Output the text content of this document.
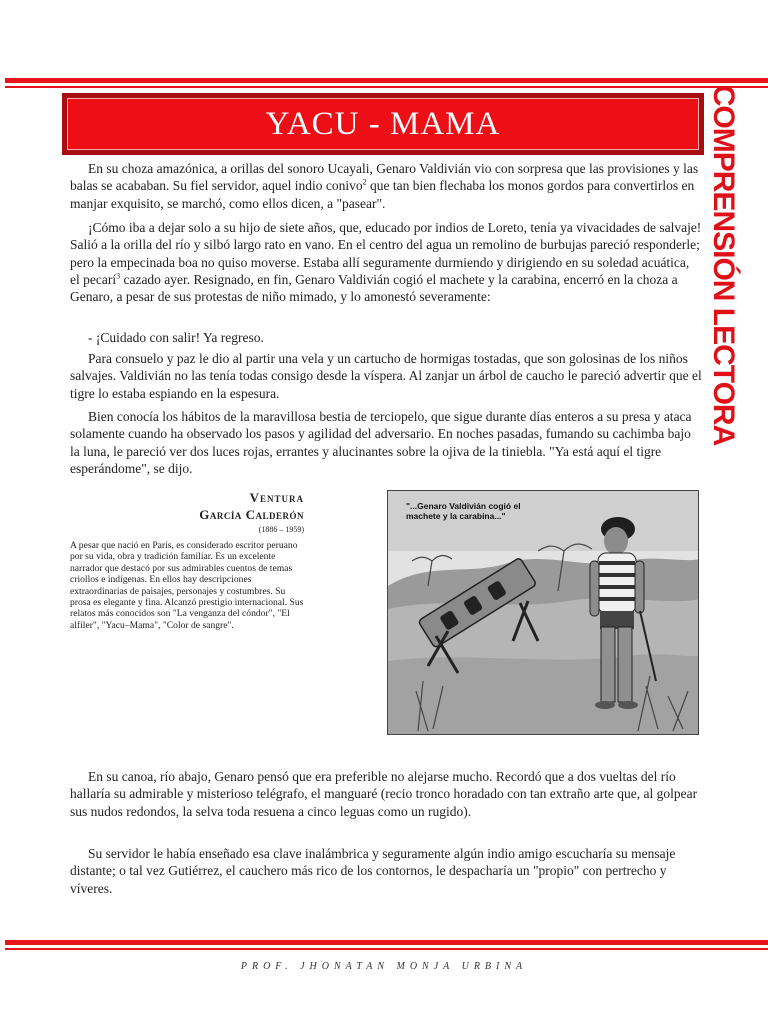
YACU - MAMA	COMPRENSIÓN LECTORA

En su choza amazónica, a orillas del sonoro Ucayali, Genaro Valdivián vio con sorpresa que las provisiones y las balas se acababan. Su fiel servidor, aquel indio conivo$^2$ que tan bien flechaba los monos gordos para convertirlos en manjar exquisito, se marchó, como ellos dicen, a "pasear".

¡Cómo iba a dejar solo a su hijo de siete años, que, educado por indios de Loreto, tenía ya vivacidades de salvaje! Salió a la orilla del río y silbó largo rato en vano. En el centro del agua un remolino de burbujas pareció responderle; pero la empecinada boa no quiso moverse. Estaba allí seguramente durmiendo y dirigiendo en su soledad acuática, el pecarí$^3$ cazado ayer. Resignado, en fin, Genaro Valdivián cogió el machete y la carabina, encerró en la choza a Genaro, a pesar de sus protestas de niño mimado, y lo amonestó severamente:

- ¡Cuidado con salir! Ya regreso.

Para consuelo y paz le dio al partir una vela y un cartucho de hormigas tostadas, que son golosinas de los niños salvajes. Valdivián no las tenía todas consigo desde la víspera. Al zanjar un árbol de caucho le pareció advertir que el tigre lo estaba espiando en la espesura.

Bien conocía los hábitos de la maravillosa bestia de terciopelo, que sigue durante días enteros a su presa y ataca solamente cuando ha observado los pasos y agilidad del adversario. En noches pasadas, fumando su cachimba bajo la luna, le pareció ver dos luces rojas, errantes y alucinantes sobre la ojiva de la tiniebla. "Ya está aquí el tigre esperándome", se dijo.

Ventura
García Calderón
(1886 – 1959)
A pesar que nació en París, es considerado escritor peruano por su vida, obra y tradición familiar. Es un excelente narrador que destacó por sus admirables cuentos de temas criollos e indígenas. En ellos hay descripciones extraordinarias de paisajes, personajes y costumbres. Su prosa es elegante y fina. Alcanzó prestigio internacional. Sus relatos más conocidos son "La venganza del cóndor", "El alfiler", "Yacu–Mama", "Color de sangre".
"...Genaro Valdivián cogió el machete y la carabina..."

En su canoa, río abajo, Genaro pensó que era preferible no alejarse mucho. Recordó que a dos vueltas del río hallaría su admirable y misterioso telégrafo, el manguaré (recio tronco horadado con tan extraño arte que, al golpear sus nudos redondos, la selva toda resuena a cinco leguas como un rugido).

Su servidor le había enseñado esa clave inalámbrica y seguramente algún indio amigo escucharía su mensaje distante; o tal vez Gutiérrez, el cauchero más rico de los contornos, le despacharía un "propio" con pertrecho y víveres.

PROF. JHONATAN MONJA URBINA
